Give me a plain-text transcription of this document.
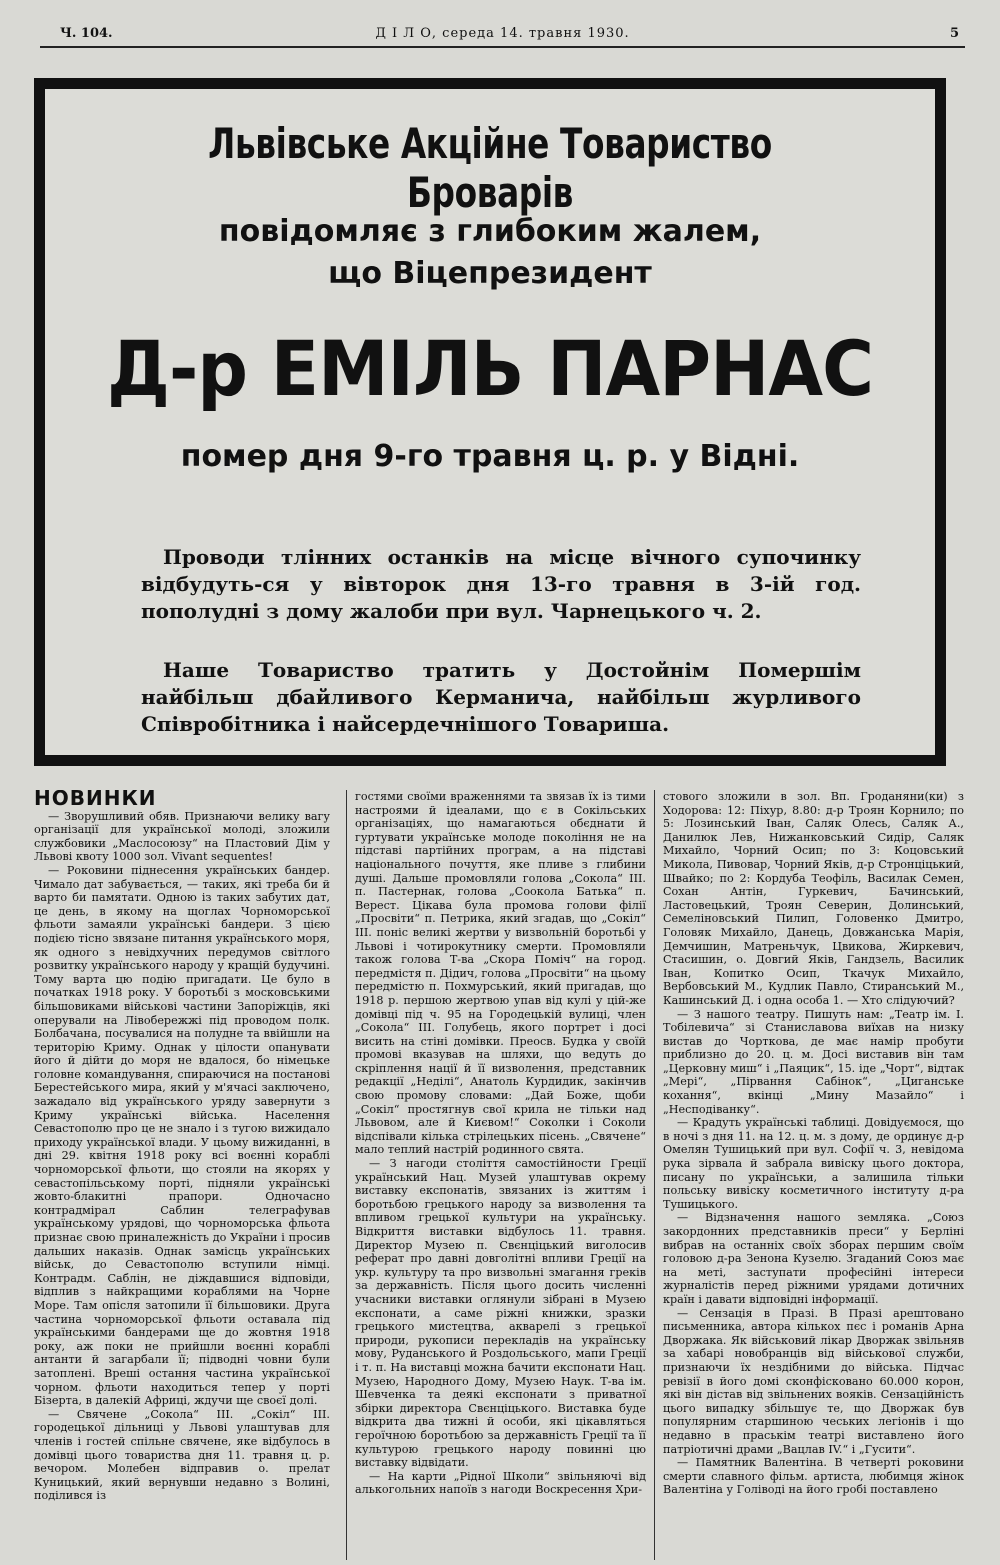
Ч. 104.	Д І Л О, середа 14. травня 1930.	5
Львівське Акційне Товариство Броварів
повідомляє з глибоким жалем,
що Віцепрезидент
Д-р ЕМІЛЬ ПАРНАС
помер дня 9-го травня ц. р. у Відні.
Проводи тлінних останків на місце вічного супочинку відбудуть-ся у вівторок дня 13-го травня в 3-ій год. пополудні з дому жалоби при вул. Чарнецького ч. 2.
Наше Товариство тратить у Достойнім Помершім найбільш дбайливого Керманича, найбільш журливого Співробітника і найсердечнішого Товариша.
НОВИНКИ

— Зворушливий обяв. Признаючи велику вагу організації для української молоді, зложили службовики „Маслосоюзу“ на Пластовий Дім у Львові квоту 1000 зол. Vivant sequentes!

— Роковини піднесення українських бандер. Чимало дат забувається, — таких, які треба би й варто би памятати. Одною із таких забутих дат, це день, в якому на щоглах Чорноморської фльоти замаяли українські бандери. З цією подією тісно звязане питання українського моря, як одного з невідхучних передумов світлого розвитку українського народу у кращій будучині. Тому варта цю подію пригадати. Це було в початках 1918 року. У боротьбі з московськими більшовиками військові частини Запоріжців, які оперували на Лівобережжі під проводом полк. Болбачана, посувалися на полудне та ввійшли на територію Криму. Однак у цілости опанувати його й дійти до моря не вдалося, бо німецьке головне командування, спираючися на постанові Берестейського мира, який у м'ячасі заключено, зажадало від українського уряду завернути з Криму українські війська. Населення Севастополю про це не знало і з тугою вижидало приходу української влади. У цьому вижиданні, в дні 29. квітня 1918 року всі воєнні кораблі чорноморської фльоти, що стояли на якорях у севастопільському порті, підняли українські жовто-блакитні прапори. Одночасно контрадмірал Саблин телеграфував українському урядові, що чорноморська фльота признає свою приналежність до України і просив дальших наказів. Однак замісць українських військ, до Севастополю вступили німці. Контрадм. Саблін, не діждавшися відповіди, відплив з найкращими кораблями на Чорне Море. Там опісля затопили її більшовики. Друга частина чорноморської фльоти оставала під українськими бандерами ще до жовтня 1918 року, аж поки не прийшли воєнні кораблі антанти й загарбали її; підводні човни були затоплені. Вреші остання частина української чорном. фльоти находиться тепер у порті Бізерта, в далекій Африці, ждучи ще своєї долі.

— Свячене „Сокола“ ІІІ. „Сокіл“ ІІІ. городецької дільниці у Львові улаштував для членів і гостей спільне свячене, яке відбулось в домівці цього товариства дня 11. травня ц. р. вечором. Молебен відправив о. прелат Куницький, який вернувши недавно з Волині, поділився із

гостями своїми враженнями та звязав їх із тими настроями й ідеалами, що є в Сокільських організаціях, що намагаються обєднати й гуртувати українське молоде покоління не на підставі партійних програм, а на підставі національного почуття, яке пливе з глибини душі. Дальше промовляли голова „Сокола“ ІІІ. п. Пастернак, голова „Соокола Батька“ п. Верест. Цікава була промова голови філії „Просвіти“ п. Петрика, який згадав, що „Сокіл“ ІІІ. поніс великі жертви у визвольній боротьбі у Львові і чотирокутнику смерти. Промовляли також голова Т-ва „Скора Поміч“ на город. передмістя п. Дідич, голова „Просвіти“ на цьому передмістю п. Похмурський, який пригадав, що 1918 р. першою жертвою упав від кулі у цій-же домівці під ч. 95 на Городецькій вулиці, член „Сокола“ ІІІ. Голубець, якого портрет і досі висить на стіні домівки. Преосв. Будка у своїй промові вказував на шляхи, що ведуть до скріплення нації й її визволення, представник редакції „Неділі“, Анатоль Курдидик, закінчив свою промову словами: „Дай Боже, щоби „Сокіл“ простягнув свої крила не тільки над Львовом, але й Києвом!“ Соколки і Соколи відспівали кілька стрілецьких пісень. „Свячене“ мало теплий настрій родинного свята.

— З нагоди століття самостійности Греції український Нац. Музей улаштував окрему виставку експонатів, звязаних із життям і боротьбою грецького народу за визволення та впливом грецької культури на українську. Відкриття виставки відбулось 11. травня. Директор Музею п. Свєнціцький виголосив реферат про давні довголітні впливи Греції на укр. культуру та про визвольні змагання греків за державність. Після цього досить численні учасники виставки оглянули зібрані в Музею експонати, а саме ріжні книжки, зразки грецького мистецтва, акварелі з грецької природи, рукописи перекладів на українську мову, Руданського й Роздольського, мапи Греції і т. п. На виставці можна бачити експонати Нац. Музею, Народного Дому, Музею Наук. Т-ва ім. Шевченка та деякі експонати з приватної збірки директора Свєнціцького. Виставка буде відкрита два тижні й особи, які цікавляться героїчною боротьбою за державність Греції та її культурою грецького народу повинні цю виставку відвідати.

— На карти „Рідної Школи“ звільняючі від алькогольних напоїв з нагоди Воскресення Хри-

стового зложили в зол. Вп. Гроданяни(ки) з Ходорова: 12: Піхур, 8.80: д-р Троян Корнило; по 5: Лозинський Іван, Саляк Олесь, Саляк А., Данилюк Лев, Нижанковський Сидір, Саляк Михайло, Чорний Осип; по 3: Коцовський Микола, Пивовар, Чорний Яків, д-р Стронціцький, Швайко; по 2: Кордуба Теофіль, Василак Семен, Сохан Антін, Гуркевич, Бачинський, Ластовецький, Троян Северин, Долинський, Семеліновський Пилип, Головенко Дмитро, Головяк Михайло, Данець, Довжанська Марія, Демчишин, Матреньчук, Цвикова, Жиркевич, Стасишин, о. Довгий Яків, Гандзель, Василик Іван, Копитко Осип, Ткачук Михайло, Вербовський М., Кудлик Павло, Стиранський М., Кашинський Д. і одна особа 1. — Хто слідуючий?

— З нашого театру. Пишуть нам: „Театр ім. І. Тобілевича“ зі Станиславова виїхав на низку вистав до Чорткова, де має намір пробути приблизно до 20. ц. м. Досі виставив він там „Церковну миш“ і „Паяцик“, 15. іде „Чорт“, відтак „Мері“, „Пірвання Сабінок“, „Циганське кохання“, вкінці „Мину Мазайло“ і „Несподіванку“.

— Крадуть українські таблиці. Довідуємося, що в ночі з дня 11. на 12. ц. м. з дому, де ординує д-р Омелян Тушицький при вул. Софії ч. 3, невідома рука зірвала й забрала вивіску цього доктора, писану по українськи, а залишила тільки польську вивіску косметичного інституту д-ра Тушицького.

— Відзначення нашого земляка. „Союз закордонних представників преси“ у Берліні вибрав на останніх своїх зборах першим своїм головою д-ра Зенона Кузелю. Згаданий Союз має на меті, заступати професійні інтереси журналістів перед ріжними урядами дотичних країн і давати відповідні інформації.

— Сензація в Празі. В Празі арештовано письменника, автора кількох пєс і романів Арна Дворжака. Як військовий лікар Дворжак звільняв за хабарі новобранців від військової служби, признаючи їх нездібними до війська. Підчас ревізії в його домі сконфісковано 60.000 корон, які він дістав від звільнених вояків. Сензаційність цього випадку збільшує те, що Дворжак був популярним старшиною чеських легіонів і що недавно в праськім театрі виставлено його патріотичні драми „Вацлав IV.“ і „Гусити“.

— Памятник Валентіна. В четверті роковини смерти славного фільм. артиста, любимця жінок Валентіна у Голіводі на його гробі поставлено
